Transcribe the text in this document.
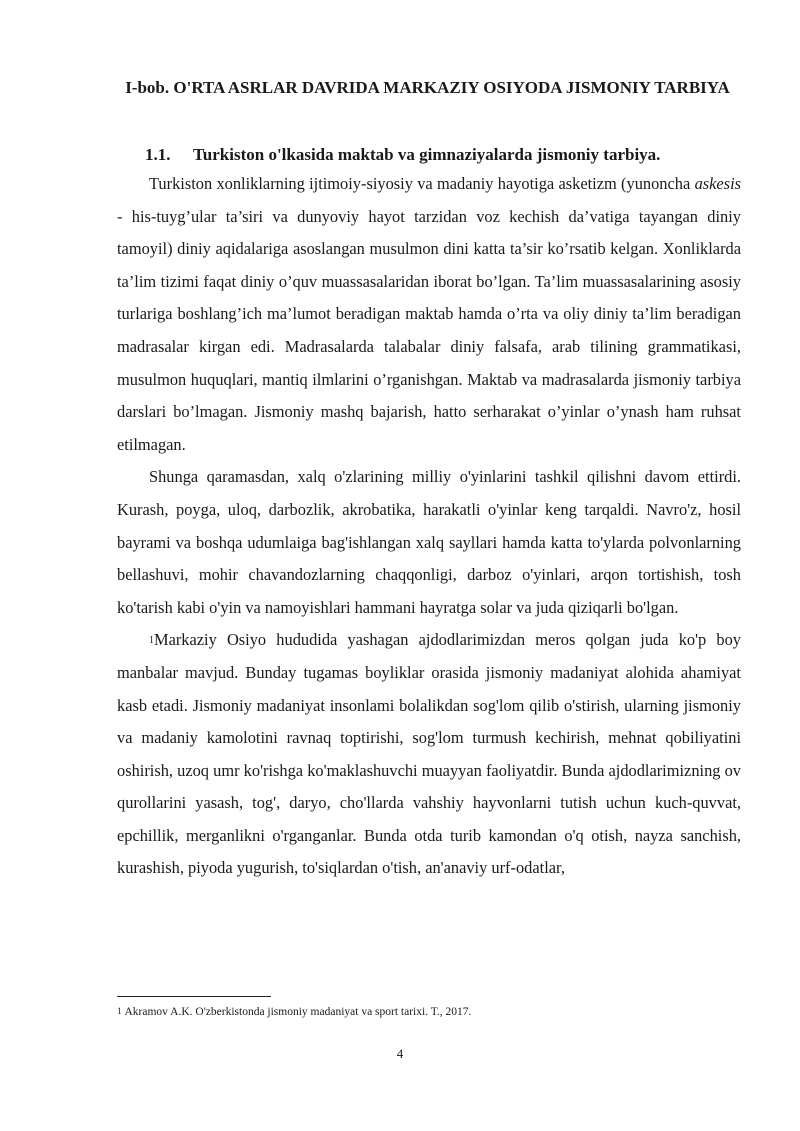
I-bob. O'RTA ASRLAR DAVRIDA MARKAZIY OSIYODA JISMONIY TARBIYA
1.1. Turkiston o'lkasida maktab va gimnaziyalarda jismoniy tarbiya.

Turkiston xonliklarning ijtimoiy-siyosiy va madaniy hayotiga asketizm (yunoncha askesis - his-tuyg’ular ta’siri va dunyoviy hayot tarzidan voz kechish da’vatiga tayangan diniy tamoyil) diniy aqidalariga asoslangan musulmon dini katta ta’sir ko’rsatib kelgan. Xonliklarda ta’lim tizimi faqat diniy o’quv muassasalaridan iborat bo’lgan. Ta’lim muassasalarining asosiy turlariga boshlang’ich ma’lumot beradigan maktab hamda o’rta va oliy diniy ta’lim beradigan madrasalar kirgan edi. Madrasalarda talabalar diniy falsafa, arab tilining grammatikasi, musulmon huquqlari, mantiq ilmlarini o’rganishgan. Maktab va madrasalarda jismoniy tarbiya darslari bo’lmagan. Jismoniy mashq bajarish, hatto serharakat o’yinlar o’ynash ham ruhsat etilmagan.

Shunga qaramasdan, xalq o'zlarining milliy o'yinlarini tashkil qilishni davom ettirdi. Kurash, poyga, uloq, darbozlik, akrobatika, harakatli o'yinlar keng tarqaldi. Navro'z, hosil bayrami va boshqa udumlaiga bag'ishlangan xalq sayllari hamda katta to'ylarda polvonlarning bellashuvi, mohir chavandozlarning chaqqonligi, darboz o'yinlari, arqon tortishish, tosh ko'tarish kabi o'yin va namoyishlari hammani hayratga solar va juda qiziqarli bo'lgan.

$^1$Markaziy Osiyo hududida yashagan ajdodlarimizdan meros qolgan juda ko'p boy manbalar mavjud. Bunday tugamas boyliklar orasida jismoniy madaniyat alohida ahamiyat kasb etadi. Jismoniy madaniyat insonlami bolalikdan sog'lom qilib o'stirish, ularning jismoniy va madaniy kamolotini ravnaq toptirishi, sog'lom turmush kechirish, mehnat qobiliyatini oshirish, uzoq umr ko'rishga ko'maklashuvchi muayyan faoliyatdir. Bunda ajdodlarimizning ov qurollarini yasash, tog', daryo, cho'llarda vahshiy hayvonlarni tutish uchun kuch-quvvat, epchillik, merganlikni o'rganganlar. Bunda otda turib kamondan o'q otish, nayza sanchish, kurashish, piyoda yugurish, to'siqlardan o'tish, an'anaviy urf-odatlar,

$^1$ Akramov A.K. O'zberkistonda jismoniy madaniyat va sport tarixi. T., 2017.
4
